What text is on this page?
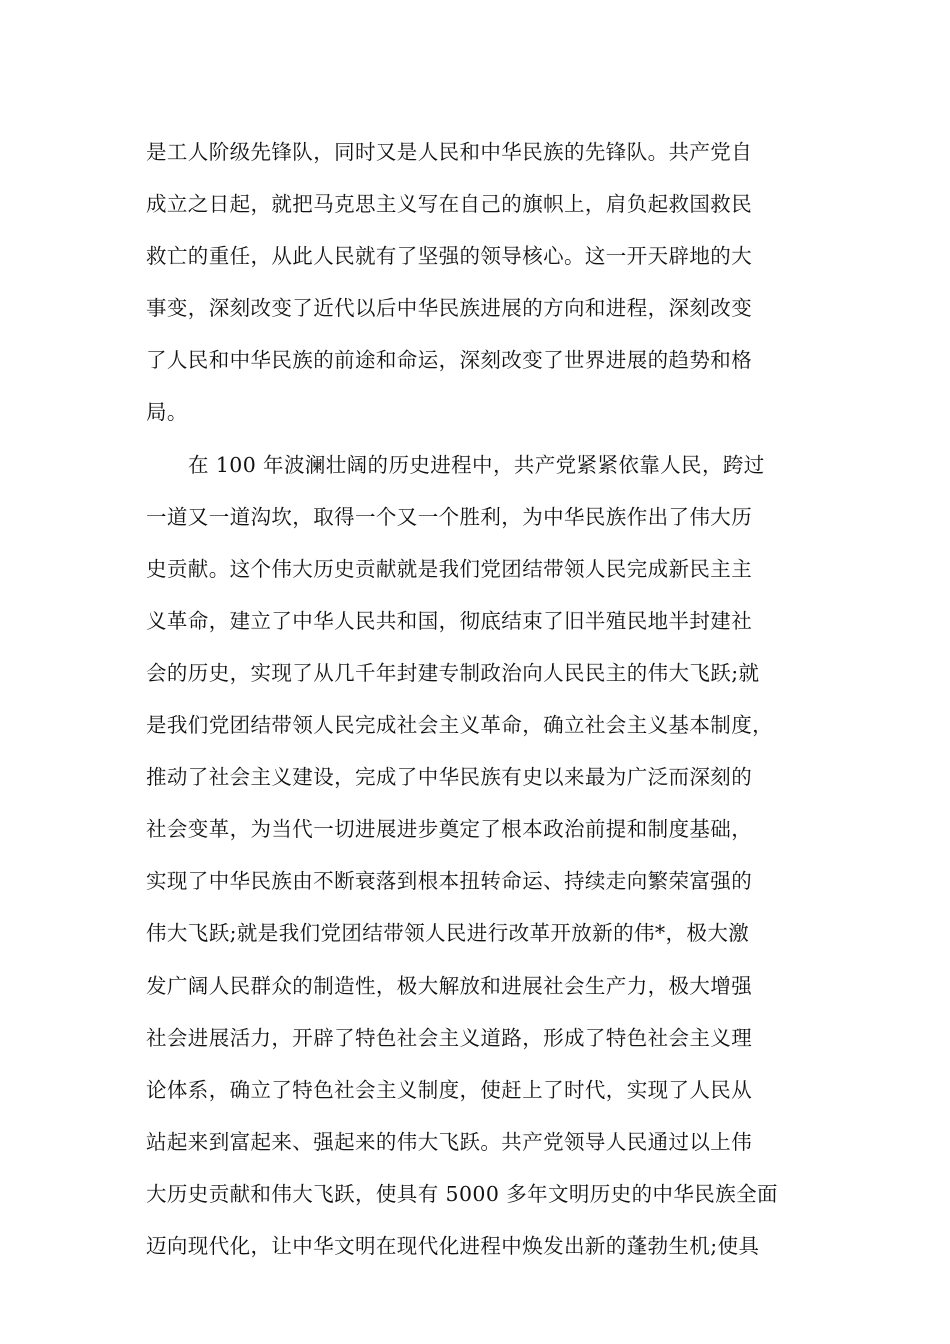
是工人阶级先锋队，同时又是人民和中华民族的先锋队。共产党自
成立之日起，就把马克思主义写在自己的旗帜上，肩负起救国救民
救亡的重任，从此人民就有了坚强的领导核心。这一开天辟地的大
事变，深刻改变了近代以后中华民族进展的方向和进程，深刻改变
了人民和中华民族的前途和命运，深刻改变了世界进展的趋势和格
局。
在 100 年波澜壮阔的历史进程中，共产党紧紧依靠人民，跨过
一道又一道沟坎，取得一个又一个胜利，为中华民族作出了伟大历
史贡献。这个伟大历史贡献就是我们党团结带领人民完成新民主主
义革命，建立了中华人民共和国，彻底结束了旧半殖民地半封建社
会的历史，实现了从几千年封建专制政治向人民民主的伟大飞跃;就
是我们党团结带领人民完成社会主义革命，确立社会主义基本制度，
推动了社会主义建设，完成了中华民族有史以来最为广泛而深刻的
社会变革，为当代一切进展进步奠定了根本政治前提和制度基础，
实现了中华民族由不断衰落到根本扭转命运、持续走向繁荣富强的
伟大飞跃;就是我们党团结带领人民进行改革开放新的伟*，极大激
发广阔人民群众的制造性，极大解放和进展社会生产力，极大增强
社会进展活力，开辟了特色社会主义道路，形成了特色社会主义理
论体系，确立了特色社会主义制度，使赶上了时代，实现了人民从
站起来到富起来、强起来的伟大飞跃。共产党领导人民通过以上伟
大历史贡献和伟大飞跃，使具有 5000 多年文明历史的中华民族全面
迈向现代化，让中华文明在现代化进程中焕发出新的蓬勃生机;使具
